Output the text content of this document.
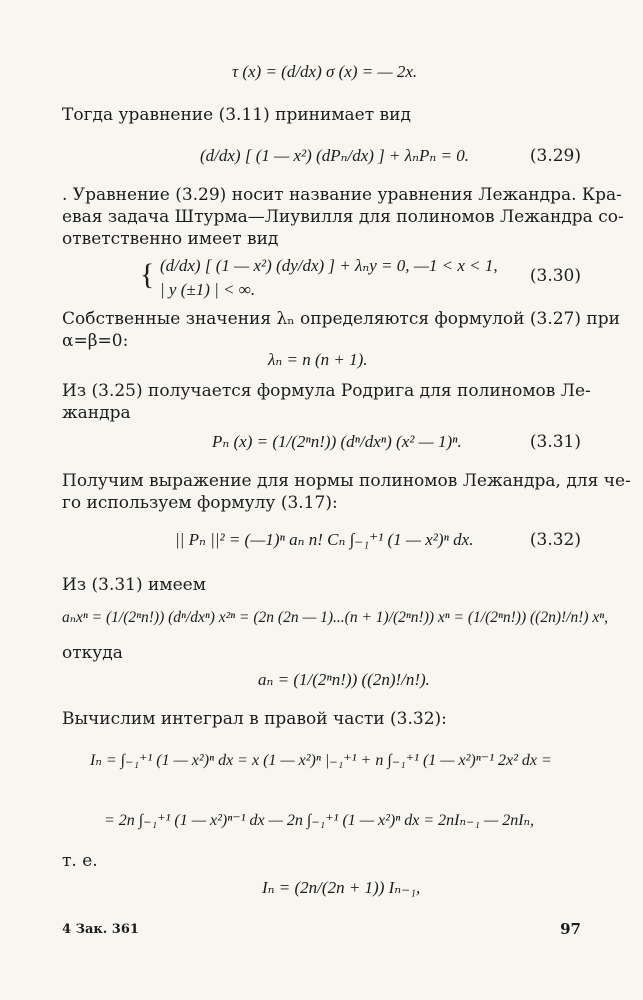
τ (x) = (d/dx) σ (x) = — 2x.
Тогда уравнение (3.11) принимает вид
(d/dx) [ (1 — x²) (dPₙ/dx) ] + λₙPₙ = 0.	(3.29)
. Уравнение (3.29) носит название уравнения Лежандра. Кра-
евая задача Штурма—Лиувилля для полиномов Лежандра со-
ответственно имеет вид
{ (d/dx) [ (1 — x²) (dy/dx) ] + λₙy = 0, —1 < x < 1,
| y (±1) | < ∞.
(3.30)
Собственные значения λₙ определяются формулой (3.27) при
α=β=0:
λₙ = n (n + 1).
Из (3.25) получается формула Родрига для полиномов Ле-
жандра
Pₙ (x) = (1/(2ⁿn!)) (dⁿ/dxⁿ) (x² — 1)ⁿ.	(3.31)
Получим выражение для нормы полиномов Лежандра, для че-
го используем формулу (3.17):
|| Pₙ ||² = (—1)ⁿ aₙ n! Cₙ ∫₋₁⁺¹ (1 — x²)ⁿ dx.	(3.32)
Из (3.31) имеем
aₙxⁿ = (1/(2ⁿn!)) (dⁿ/dxⁿ) x²ⁿ = (2n (2n — 1)...(n + 1)/(2ⁿn!)) xⁿ = (1/(2ⁿn!)) ((2n)!/n!) xⁿ,
откуда
aₙ = (1/(2ⁿn!)) ((2n)!/n!).
Вычислим интеграл в правой части (3.32):
Iₙ = ∫₋₁⁺¹ (1 — x²)ⁿ dx = x (1 — x²)ⁿ |₋₁⁺¹ + n ∫₋₁⁺¹ (1 — x²)ⁿ⁻¹ 2x² dx =
= 2n ∫₋₁⁺¹ (1 — x²)ⁿ⁻¹ dx — 2n ∫₋₁⁺¹ (1 — x²)ⁿ dx = 2nIₙ₋₁ — 2nIₙ,
т. е.
Iₙ = (2n/(2n + 1)) Iₙ₋₁,
4 Зак. 361	97
